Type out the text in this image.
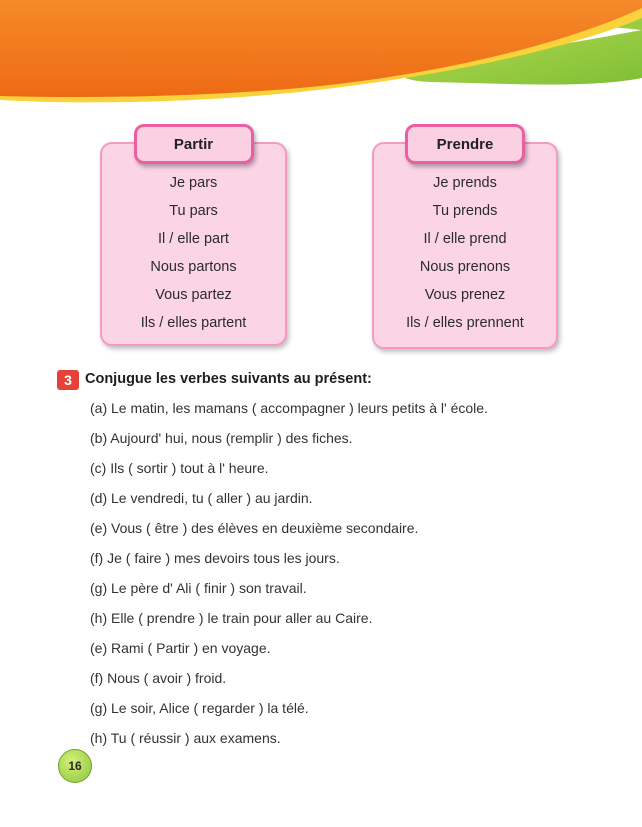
Partir
Je pars
Tu pars
Il / elle part
Nous partons
Vous partez
Ils / elles partent
Prendre
Je prends
Tu prends
Il / elle prend
Nous prenons
Vous prenez
Ils / elles prennent
3 Conjugue les verbes suivants au présent:
(a) Le matin, les mamans ( accompagner ) leurs petits à l' école.
(b) Aujourd' hui, nous (remplir ) des fiches.
(c) Ils ( sortir ) tout à l' heure.
(d) Le vendredi, tu ( aller ) au jardin.
(e) Vous ( être ) des élèves en deuxième secondaire.
(f) Je ( faire ) mes devoirs tous les jours.
(g) Le père d' Ali ( finir ) son travail.
(h) Elle ( prendre ) le train pour aller au Caire.
(e) Rami ( Partir ) en voyage.
(f) Nous ( avoir ) froid.
(g) Le soir, Alice ( regarder ) la télé.
(h) Tu ( réussir ) aux examens.
16
